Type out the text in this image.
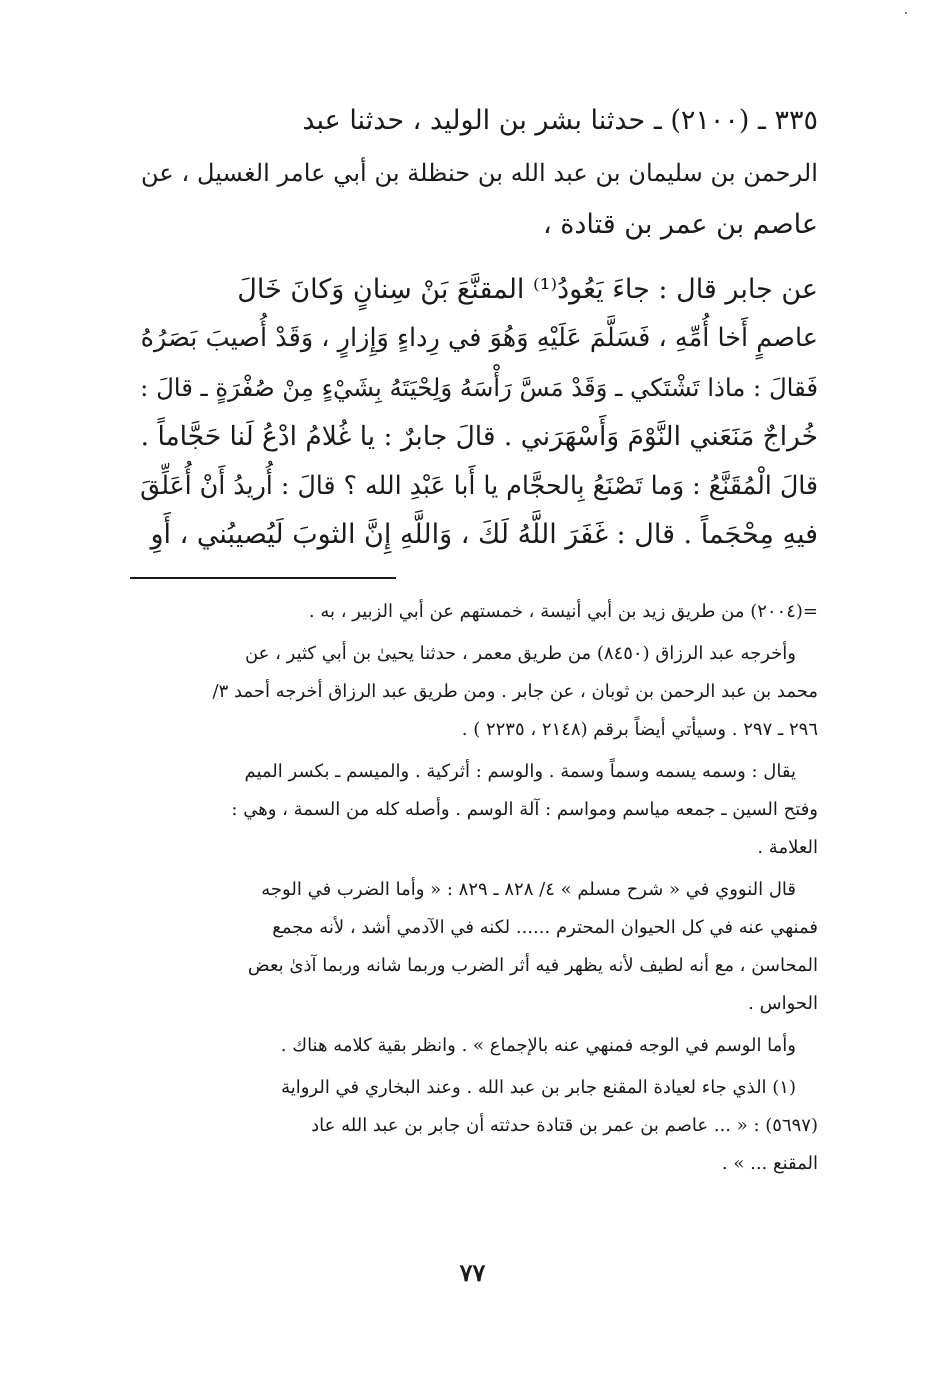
٣٣٥ ـ (٢١٠٠) ـ حدثنا بشر بن الوليد ، حدثنا عبد
الرحمن بن سليمان بن عبد الله بن حنظلة بن أبي عامر الغسيل ، عن
عاصم بن عمر بن قتادة ،
عن جابر قال : جاءَ يَعُودُ⁽¹⁾ المقنَّعَ بَنْ سِنانٍ وَكانَ خَالَ
عاصمٍ أَخا أُمِّهِ ، فَسَلَّمَ عَلَيْهِ وَهُوَ في رِداءٍ وَإِزارٍ ، وَقَدْ أُصيبَ بَصَرُهُ
فَقالَ : ماذا تَشْتَكي ـ وَقَدْ مَسَّ رَأْسَهُ وَلِحْيَتَهُ بِشَيْءٍ مِنْ صُفْرَةٍ ـ قالَ :
خُراجٌ مَنَعَني النَّوْمَ وَأَسْهَرَني . قالَ جابرٌ : يا غُلامُ ادْعُ لَنا حَجَّاماً .
قالَ الْمُقَنَّعُ : وَما تَصْنَعُ بِالحجَّام يا أَبا عَبْدِ الله ؟ قالَ : أُريدُ أَنْ أُعَلِّقَ
فيهِ مِحْجَماً . قال : غَفَرَ اللَّهُ لَكَ ، وَاللَّهِ إِنَّ الثوبَ لَيُصيبُني ، أَوِ
=(٢٠٠٤) من طريق زيد بن أبي أنيسة ، خمستهم عن أبي الزبير ، به .
وأخرجه عبد الرزاق (٨٤٥٠) من طريق معمر ، حدثنا يحيىٰ بن أبي كثير ، عن
محمد بن عبد الرحمن بن ثوبان ، عن جابر . ومن طريق عبد الرزاق أخرجه أحمد ٣/
٢٩٦ ـ ٢٩٧ . وسيأتي أيضاً برقم (٢١٤٨ ، ٢٢٣٥ ) .
يقال : وسمه يسمه وسماً وسمة . والوسم : أثركية . والميسم ـ بكسر الميم
وفتح السين ـ جمعه مياسم ومواسم : آلة الوسم . وأصله كله من السمة ، وهي :
العلامة .
قال النووي في « شرح مسلم » ٤/ ٨٢٨ ـ ٨٢٩ : « وأما الضرب في الوجه
فمنهي عنه في كل الحيوان المحترم ...... لكنه في الآدمي أشد ، لأنه مجمع
المحاسن ، مع أنه لطيف لأنه يظهر فيه أثر الضرب وربما شانه وربما آذىٰ بعض
الحواس .
وأما الوسم في الوجه فمنهي عنه بالإجماع » . وانظر بقية كلامه هناك .
(١) الذي جاء لعيادة المقنع جابر بن عبد الله . وعند البخاري في الرواية
(٥٦٩٧) : « ... عاصم بن عمر بن قتادة حدثته أن جابر بن عبد الله عاد
المقنع ... » .
٧٧
